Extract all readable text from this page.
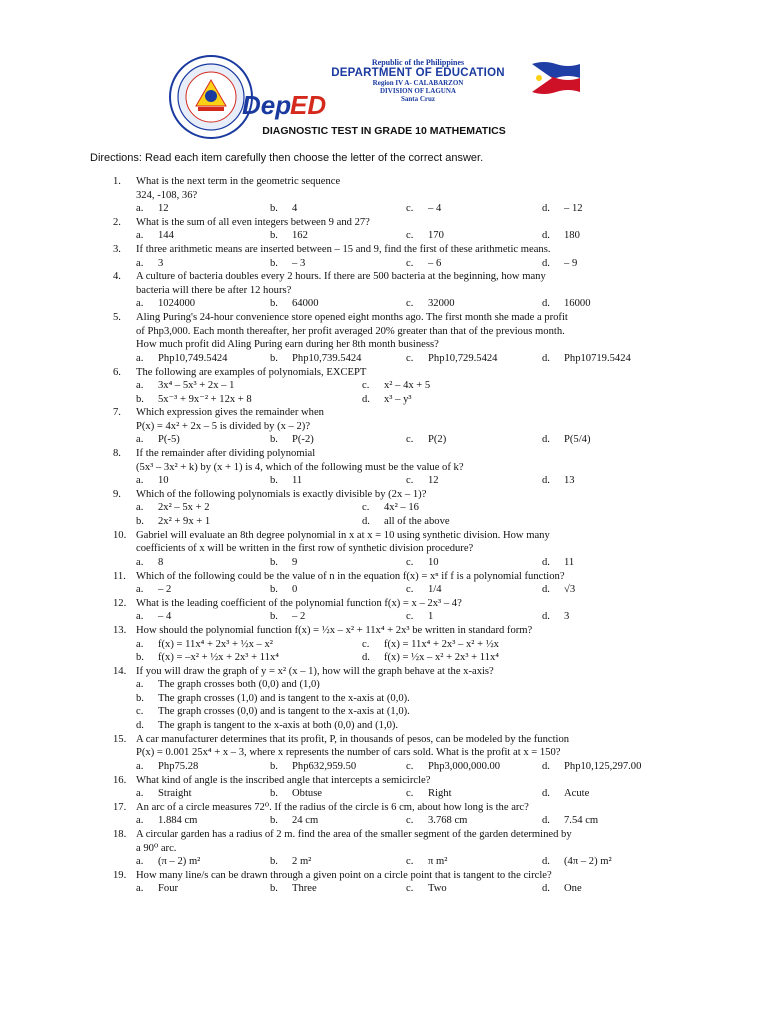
Dep
ED
Republic of the Philippines
DEPARTMENT OF EDUCATION
Region IV A- CALABARZON
DIVISION OF LAGUNA
Santa Cruz
DIAGNOSTIC TEST IN GRADE 10 MATHEMATICS
Directions: Read each item carefully then choose the letter of the correct answer.
1. What is the next term in the geometric sequence
324, -108, 36?
a. 12	b. 4	c. – 4	d. – 12
2. What is the sum of all even integers between 9 and 27?
a. 144	b. 162	c. 170	d. 180
3. If three arithmetic means are inserted between – 15 and 9, find the first of these arithmetic means.
a. 3	b. – 3	c. – 6	d. – 9
4. A culture of bacteria doubles every 2 hours. If there are 500 bacteria at the beginning, how many
bacteria will there be after 12 hours?
a. 1024000	b. 64000	c. 32000	d. 16000
5. Aling Puring's 24-hour convenience store opened eight months ago. The first month she made a profit
of Php3,000. Each month thereafter, her profit averaged 20% greater than that of the previous month.
How much profit did Aling Puring earn during her 8th month business?
a. Php10,749.5424	b. Php10,739.5424	c. Php10,729.5424	d. Php10719.5424
6. The following are examples of polynomials, EXCEPT
a. 3x⁴ – 5x³ + 2x – 1	c. x² – 4x + 5
b. 5x⁻³ + 9x⁻² + 12x + 8	d. x³ – y³
7. Which expression gives the remainder when
P(x) = 4x² + 2x – 5 is divided by (x – 2)?
a. P(-5)	b. P(-2)	c. P(2)	d. P(5/4)
8. If the remainder after dividing polynomial
(5x³ – 3x² + k) by (x + 1) is 4, which of the following must be the value of k?
a. 10	b. 11	c. 12	d. 13
9. Which of the following polynomials is exactly divisible by (2x – 1)?
a. 2x² – 5x + 2	c. 4x² – 16
b. 2x² + 9x + 1	d. all of the above
10. Gabriel will evaluate an 8th degree polynomial in x at x = 10 using synthetic division. How many
coefficients of x will be written in the first row of synthetic division procedure?
a. 8	b. 9	c. 10	d. 11
11. Which of the following could be the value of n in the equation f(x) = xⁿ if f is a polynomial function?
a. – 2	b. 0	c. 1/4	d. √3
12. What is the leading coefficient of the polynomial function f(x) = x – 2x³ – 4?
a. – 4	b. – 2	c. 1	d. 3
13. How should the polynomial function f(x) = ½x – x² + 11x⁴ + 2x³ be written in standard form?
a. f(x) = 11x⁴ + 2x³ + ½x – x²	c. f(x) = 11x⁴ + 2x³ – x² + ½x
b. f(x) = –x² + ½x + 2x³ + 11x⁴	d. f(x) = ½x – x² + 2x³ + 11x⁴
14. If you will draw the graph of y = x² (x – 1), how will the graph behave at the x-axis?
a. The graph crosses both (0,0) and (1,0)
b. The graph crosses (1,0) and is tangent to the x-axis at (0,0).
c. The graph crosses (0,0) and is tangent to the x-axis at (1,0).
d. The graph is tangent to the x-axis at both (0,0) and (1,0).
15. A car manufacturer determines that its profit, P, in thousands of pesos, can be modeled by the function
P(x) = 0.001 25x⁴ + x – 3, where x represents the number of cars sold. What is the profit at x = 150?
a. Php75.28	b. Php632,959.50	c. Php3,000,000.00	d. Php10,125,297.00
16. What kind of angle is the inscribed angle that intercepts a semicircle?
a. Straight	b. Obtuse	c. Right	d. Acute
17. An arc of a circle measures 72⁰. If the radius of the circle is 6 cm, about how long is the arc?
a. 1.884 cm	b. 24 cm	c. 3.768 cm	d. 7.54 cm
18. A circular garden has a radius of 2 m. find the area of the smaller segment of the garden determined by
a 90⁰ arc.
a. (π – 2) m²	b. 2 m²	c. π m²	d. (4π – 2) m²
19. How many line/s can be drawn through a given point on a circle point that is tangent to the circle?
a. Four	b. Three	c. Two	d. One
